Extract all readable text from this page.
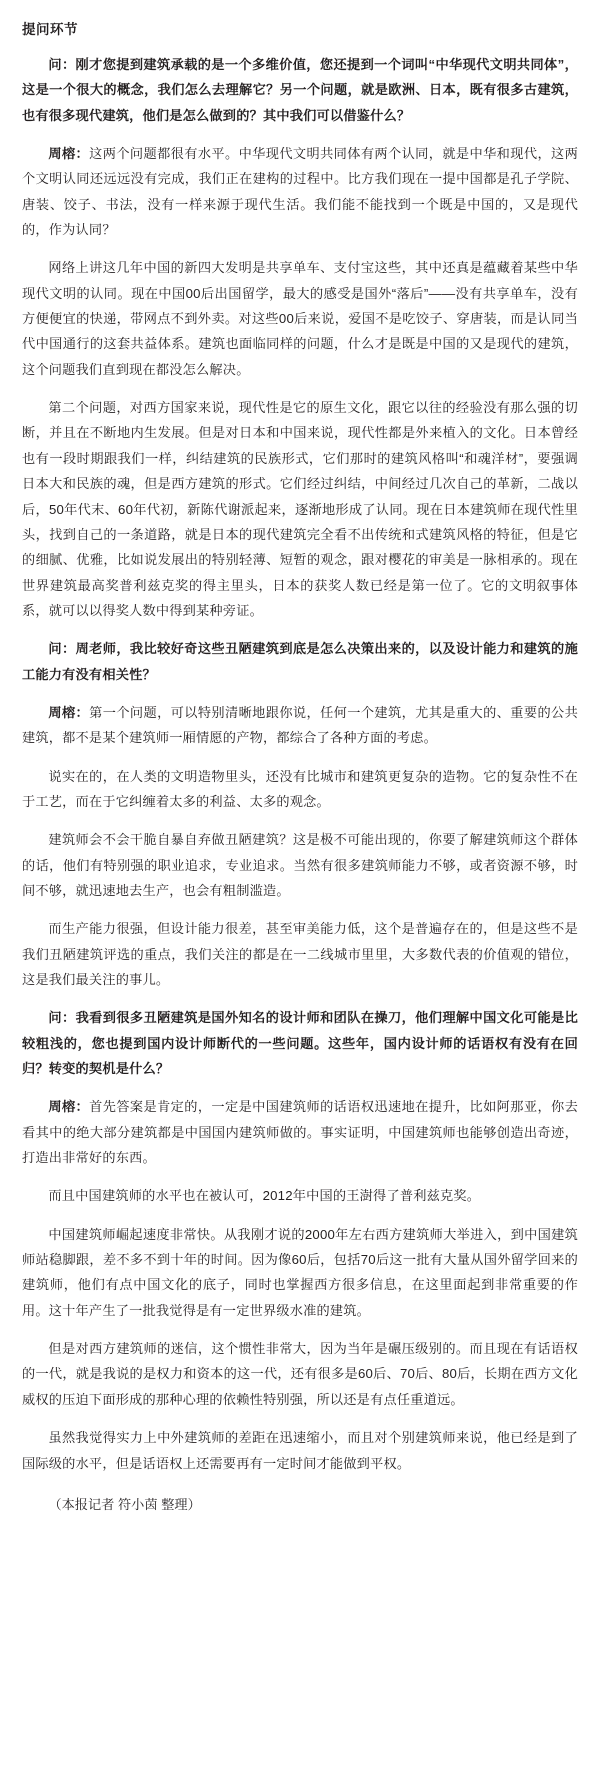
提问环节

问：刚才您提到建筑承载的是一个多维价值，您还提到一个词叫“中华现代文明共同体”，这是一个很大的概念，我们怎么去理解它？另一个问题，就是欧洲、日本，既有很多古建筑，也有很多现代建筑，他们是怎么做到的？其中我们可以借鉴什么？

周榕：这两个问题都很有水平。中华现代文明共同体有两个认同，就是中华和现代，这两个文明认同还远远没有完成，我们正在建构的过程中。比方我们现在一提中国都是孔子学院、唐装、饺子、书法，没有一样来源于现代生活。我们能不能找到一个既是中国的，又是现代的，作为认同？

网络上讲这几年中国的新四大发明是共享单车、支付宝这些，其中还真是蕴藏着某些中华现代文明的认同。现在中国00后出国留学，最大的感受是国外“落后”——没有共享单车，没有方便便宜的快递，带网点不到外卖。对这些00后来说，爱国不是吃饺子、穿唐装，而是认同当代中国通行的这套共益体系。建筑也面临同样的问题，什么才是既是中国的又是现代的建筑，这个问题我们直到现在都没怎么解决。

第二个问题，对西方国家来说，现代性是它的原生文化，跟它以往的经验没有那么强的切断，并且在不断地内生发展。但是对日本和中国来说，现代性都是外来植入的文化。日本曾经也有一段时期跟我们一样，纠结建筑的民族形式，它们那时的建筑风格叫“和魂洋材”，要强调日本大和民族的魂，但是西方建筑的形式。它们经过纠结，中间经过几次自己的革新，二战以后，50年代末、60年代初，新陈代谢派起来，逐渐地形成了认同。现在日本建筑师在现代性里头，找到自己的一条道路，就是日本的现代建筑完全看不出传统和式建筑风格的特征，但是它的细腻、优雅，比如说发展出的特别轻薄、短暂的观念，跟对樱花的审美是一脉相承的。现在世界建筑最高奖普利兹克奖的得主里头，日本的获奖人数已经是第一位了。它的文明叙事体系，就可以以得奖人数中得到某种旁证。

问：周老师，我比较好奇这些丑陋建筑到底是怎么决策出来的，以及设计能力和建筑的施工能力有没有相关性？

周榕：第一个问题，可以特别清晰地跟你说，任何一个建筑，尤其是重大的、重要的公共建筑，都不是某个建筑师一厢情愿的产物，都综合了各种方面的考虑。

说实在的，在人类的文明造物里头，还没有比城市和建筑更复杂的造物。它的复杂性不在于工艺，而在于它纠缠着太多的利益、太多的观念。

建筑师会不会干脆自暴自弃做丑陋建筑？这是极不可能出现的，你要了解建筑师这个群体的话，他们有特别强的职业追求，专业追求。当然有很多建筑师能力不够，或者资源不够，时间不够，就迅速地去生产，也会有粗制滥造。

而生产能力很强，但设计能力很差，甚至审美能力低，这个是普遍存在的，但是这些不是我们丑陋建筑评选的重点，我们关注的都是在一二线城市里里，大多数代表的价值观的错位，这是我们最关注的事儿。

问：我看到很多丑陋建筑是国外知名的设计师和团队在操刀，他们理解中国文化可能是比较粗浅的，您也提到国内设计师断代的一些问题。这些年，国内设计师的话语权有没有在回归？转变的契机是什么？

周榕：首先答案是肯定的，一定是中国建筑师的话语权迅速地在提升，比如阿那亚，你去看其中的绝大部分建筑都是中国国内建筑师做的。事实证明，中国建筑师也能够创造出奇迹，打造出非常好的东西。

而且中国建筑师的水平也在被认可，2012年中国的王澍得了普利兹克奖。

中国建筑师崛起速度非常快。从我刚才说的2000年左右西方建筑师大举进入，到中国建筑师站稳脚跟，差不多不到十年的时间。因为像60后，包括70后这一批有大量从国外留学回来的建筑师，他们有点中国文化的底子，同时也掌握西方很多信息，在这里面起到非常重要的作用。这十年产生了一批我觉得是有一定世界级水准的建筑。

但是对西方建筑师的迷信，这个惯性非常大，因为当年是碾压级别的。而且现在有话语权的一代，就是我说的是权力和资本的这一代，还有很多是60后、70后、80后，长期在西方文化威权的压迫下面形成的那种心理的依赖性特别强，所以还是有点任重道远。

虽然我觉得实力上中外建筑师的差距在迅速缩小，而且对个别建筑师来说，他已经是到了国际级的水平，但是话语权上还需要再有一定时间才能做到平权。

（本报记者 符小茵 整理）
